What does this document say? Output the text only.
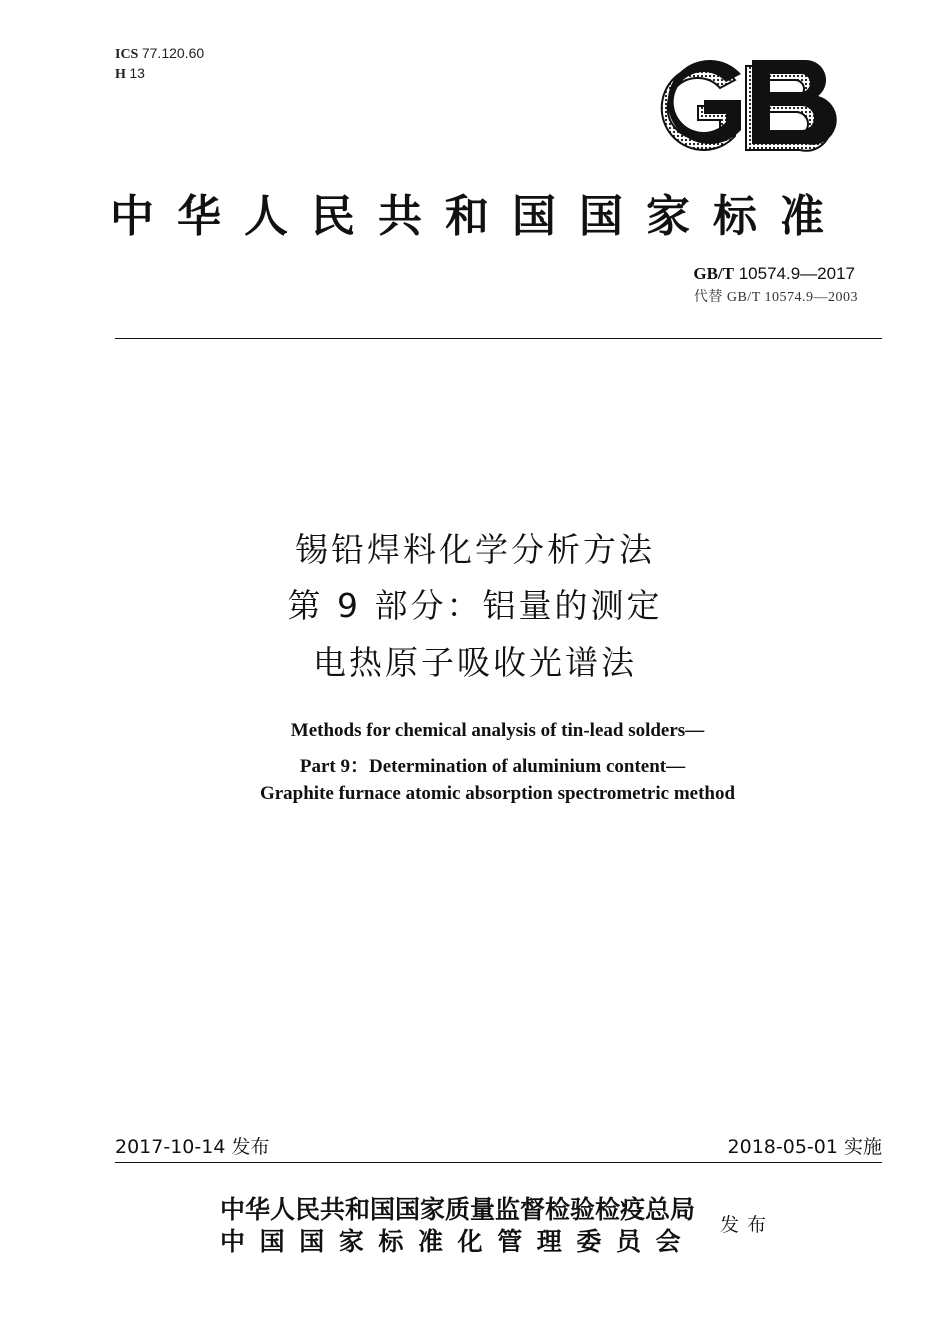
ICS 77.120.60
H 13
中华人民共和国国家标准
GB/T 10574.9—2017
代替 GB/T 10574.9—2003
锡铅焊料化学分析方法
第 9 部分：铝量的测定
电热原子吸收光谱法
Methods for chemical analysis of tin-lead solders—
Part 9：Determination of aluminium content—
Graphite furnace atomic absorption spectrometric method
2017-10-14 发布	2018-05-01 实施
中华人民共和国国家质量监督检验检疫总局
中国国家标准化管理委员会
发布
